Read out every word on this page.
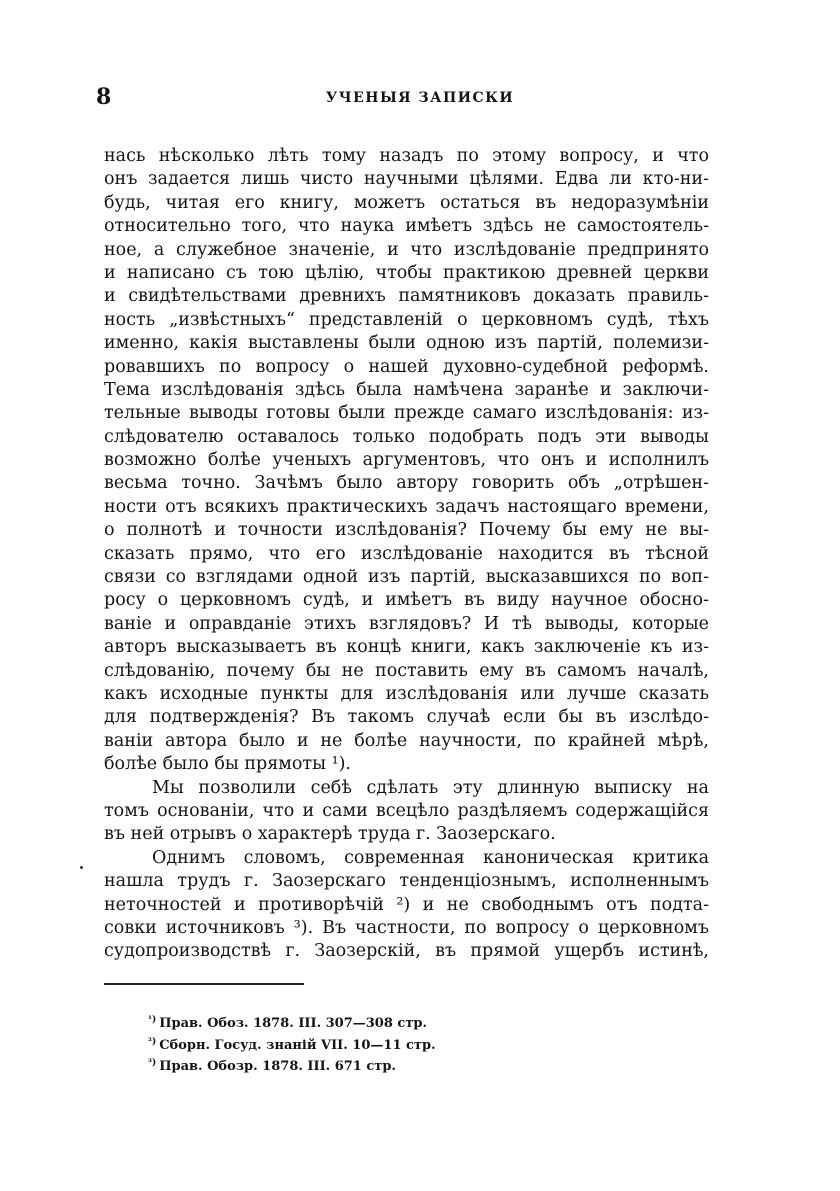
8	УЧЕНЫЯ ЗАПИСКИ
нась нѣсколько лѣть тому назадъ по этому вопросу, и что
онъ задается лишь чисто научными цѣлями. Едва ли кто-ни-
будь, читая его книгу, можетъ остаться въ недоразумѣніи
относительно того, что наука имѣетъ здѣсь не самостоятель-
ное, а служебное значеніе, и что изслѣдованіе предпринято
и написано съ тою цѣлію, чтобы практикою древней церкви
и свидѣтельствами древнихъ памятниковъ доказать правиль-
ность „извѣстныхъ“ представленій о церковномъ судѣ, тѣхъ
именно, какія выставлены были одною изъ партій, полемизи-
ровавшихъ по вопросу о нашей духовно-судебной реформѣ.
Тема изслѣдованія здѣсь была намѣчена заранѣе и заключи-
тельные выводы готовы были прежде самаго изслѣдованія: из-
слѣдователю оставалось только подобрать подъ эти выводы
возможно болѣе ученыхъ аргументовъ, что онъ и исполнилъ
весьма точно. Зачѣмъ было автору говорить объ „отрѣшен-
ности отъ всякихъ практическихъ задачъ настоящаго времени,
о полнотѣ и точности изслѣдованія? Почему бы ему не вы-
сказать прямо, что его изслѣдованіе находится въ тѣсной
связи со взглядами одной изъ партій, высказавшихся по воп-
росу о церковномъ судѣ, и имѣетъ въ виду научное обосно-
ваніе и оправданіе этихъ взглядовъ? И тѣ выводы, которые
авторъ высказываетъ въ концѣ книги, какъ заключеніе къ из-
слѣдованію, почему бы не поставить ему въ самомъ началѣ,
какъ исходные пункты для изслѣдованія или лучше сказать
для подтвержденія? Въ такомъ случаѣ если бы въ изслѣдо-
ваніи автора было и не болѣе научности, по крайней мѣрѣ,
болѣе было бы прямоты ¹).
Мы позволили себѣ сдѣлать эту длинную выписку на
томъ основаніи, что и сами всецѣло раздѣляемъ содержащійся
въ ней отрывъ о характерѣ труда г. Заозерскаго.
Однимъ словомъ, современная каноническая критика
нашла трудъ г. Заозерскаго тенденціознымъ, исполненнымъ
неточностей и противорѣчій ²) и не свободнымъ отъ подта-
совки источниковъ ³). Въ частности, по вопросу о церковномъ
судопроизводствѣ г. Заозерскій, въ прямой ущербъ истинѣ,
$^{^1)}$ Прав. Обоз. 1878. III. 307—308 стр.
$^{^2)}$ Сборн. Госуд. знаній VII. 10—11 стр.
$^{^3)}$ Прав. Обозр. 1878. III. 671 стр.
